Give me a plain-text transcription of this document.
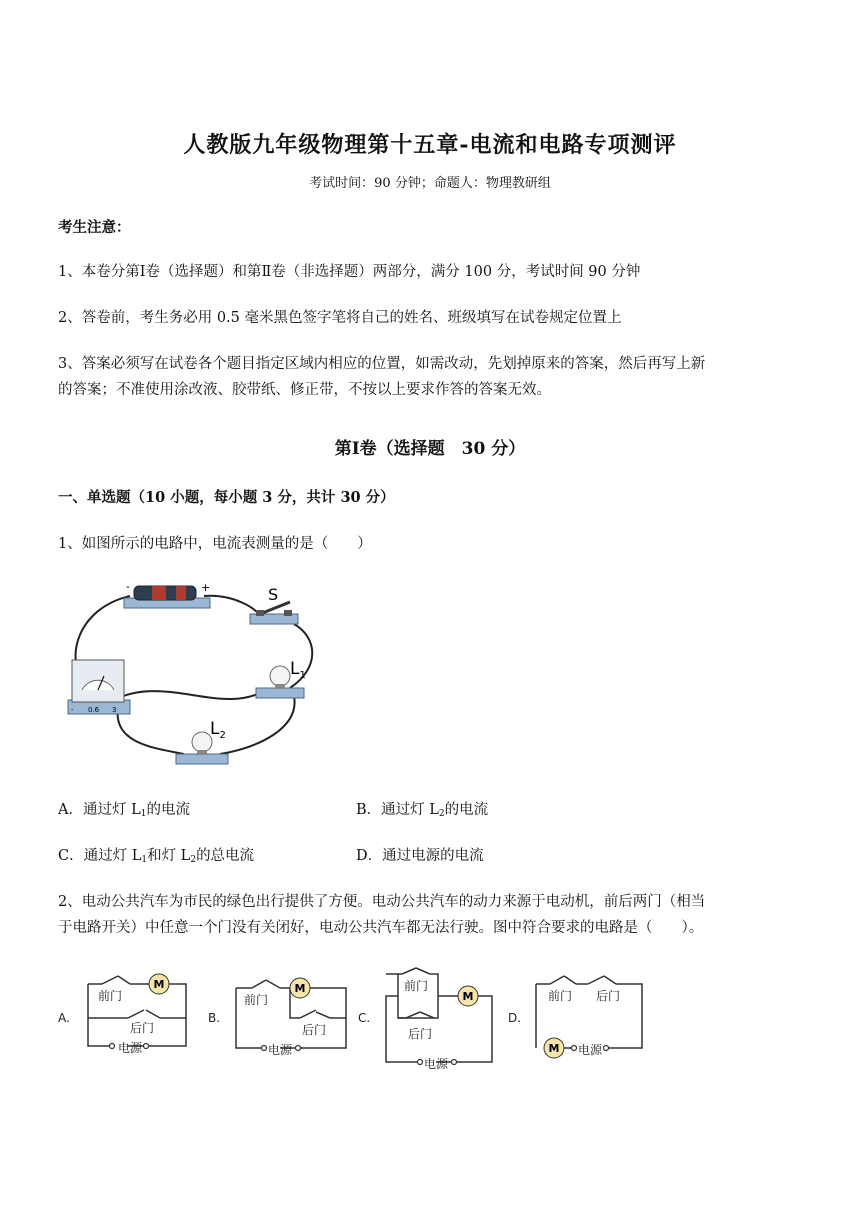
人教版九年级物理第十五章-电流和电路专项测评
考试时间：90 分钟；命题人：物理教研组
考生注意：
1、本卷分第Ⅰ卷（选择题）和第Ⅱ卷（非选择题）两部分，满分 100 分，考试时间 90 分钟
2、答卷前，考生务必用 0.5 毫米黑色签字笔将自己的姓名、班级填写在试卷规定位置上
3、答案必须写在试卷各个题目指定区域内相应的位置，如需改动，先划掉原来的答案，然后再写上新
的答案；不准使用涂改液、胶带纸、修正带，不按以上要求作答的答案无效。
第Ⅰ卷（选择题　30 分）
一、单选题（10 小题，每小题 3 分，共计 30 分）
1、如图所示的电路中，电流表测量的是（　　）
-	+	S
- 0.6 3
$L_1$
$L_2$
A．通过灯 $L_1$的电流	B．通过灯 $L_2$的电流
C．通过灯 $L_1$和灯 $L_2$的总电流	D．通过电源的电流
2、电动公共汽车为市民的绿色出行提供了方便。电动公共汽车的动力来源于电动机，前后两门（相当
于电路开关）中任意一个门没有关闭好，电动公共汽车都无法行驶。图中符合要求的电路是（　　）。
M	M
M
M
A.	B.	C.	D.
前门
后门
电源
前门
后门
电源
前门
后门
电源
前门 后门
电源
